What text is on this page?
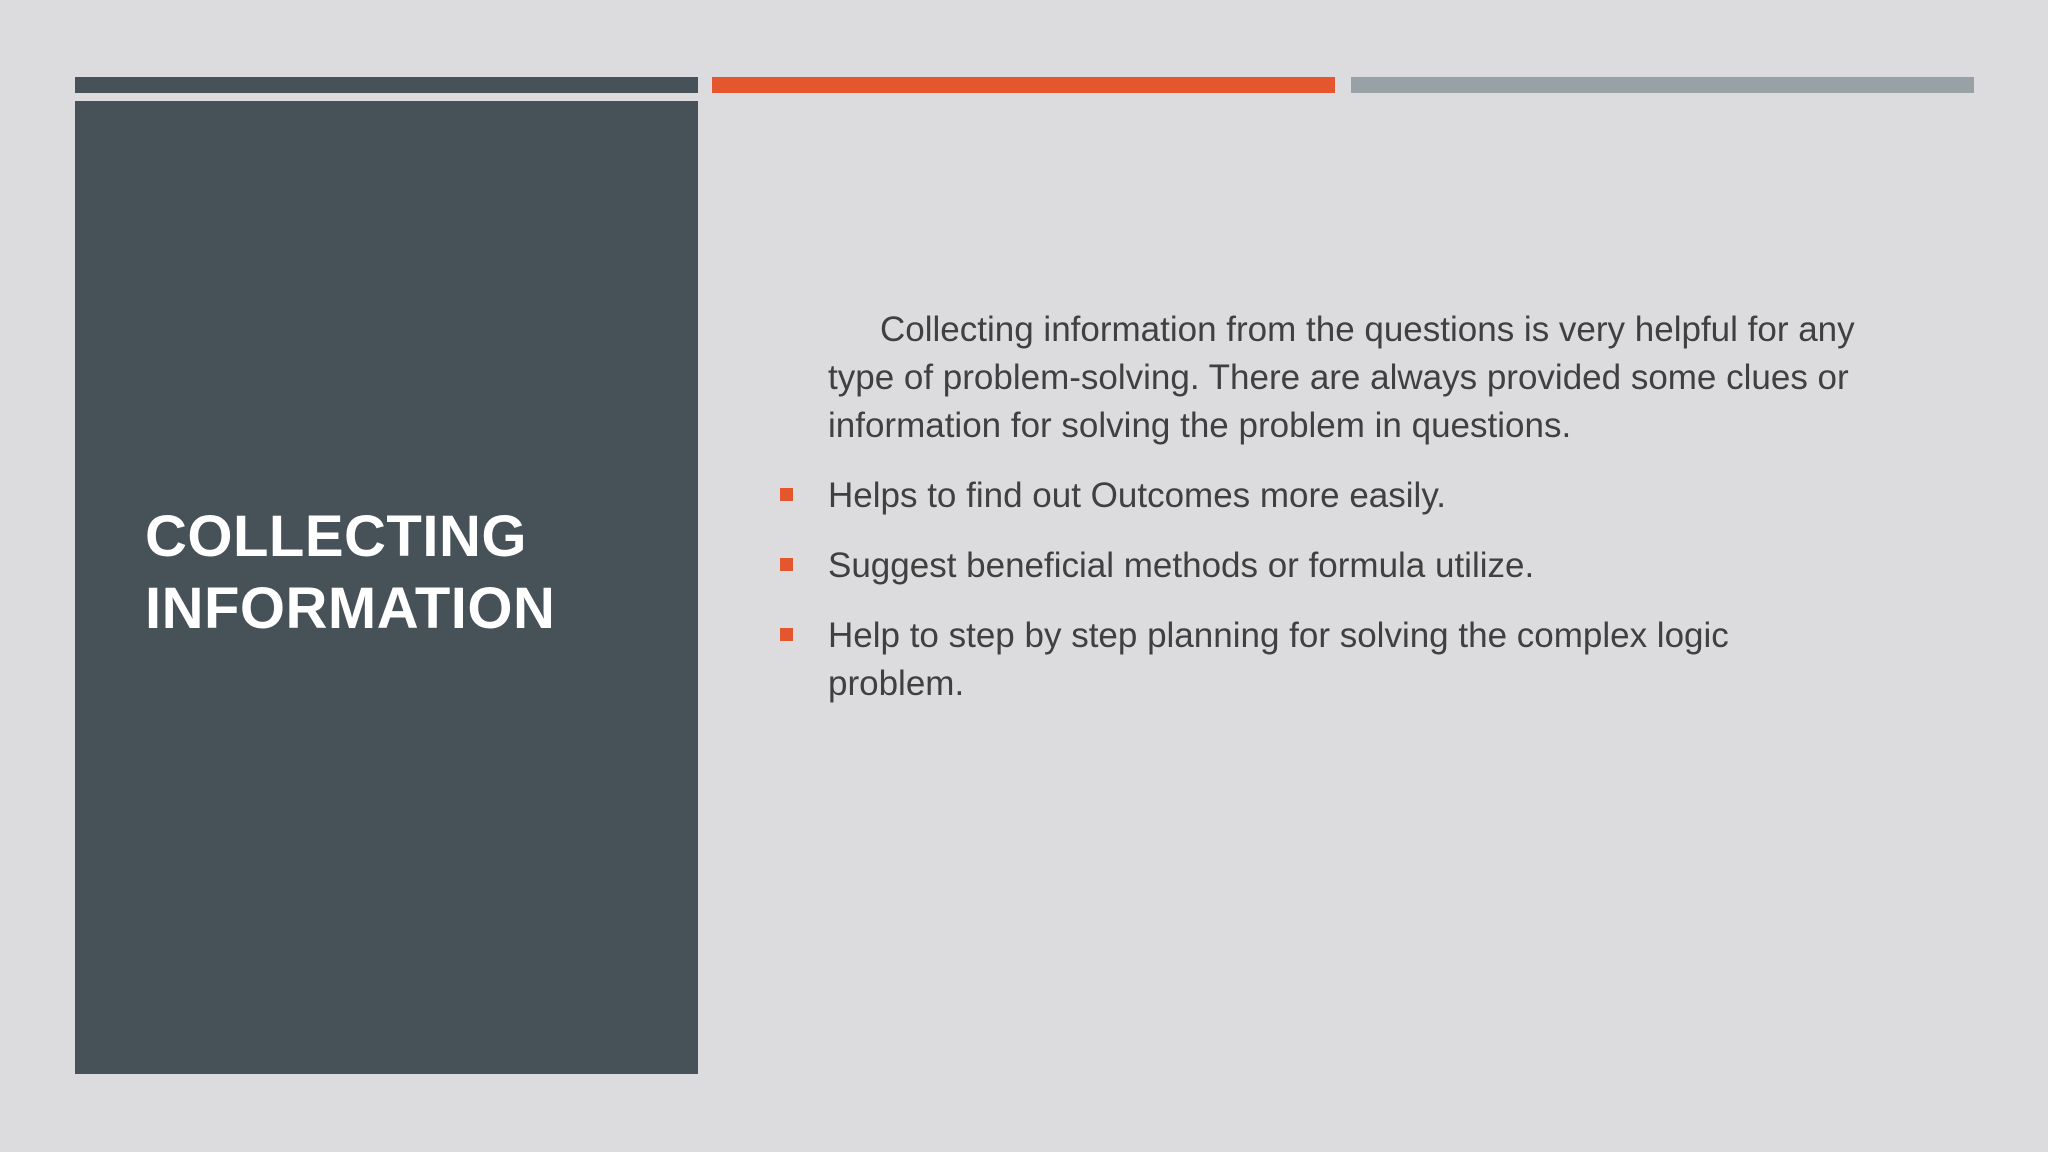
COLLECTING INFORMATION

Collecting information from the questions is very helpful for any type of problem-solving. There are always provided some clues or information for solving the problem in questions.

Helps to find out Outcomes more easily.
Suggest beneficial methods or formula utilize.
Help to step by step planning for solving the complex logic problem.
